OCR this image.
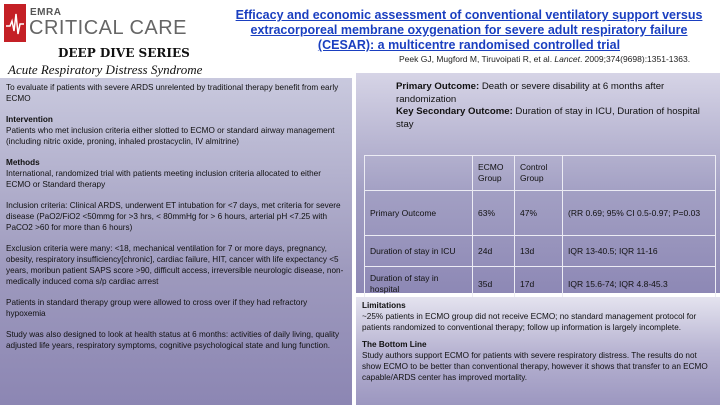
EMRA
CRITICAL CARE
DEEP DIVE SERIES
Acute Respiratory Distress Syndrome
Efficacy and economic assessment of conventional ventilatory support versus extracorporeal membrane oxygenation for severe adult respiratory failure (CESAR): a multicentre randomised controlled trial
Peek GJ, Mugford M, Tiruvoipati R, et al. Lancet. 2009;374(9698):1351-1363.

To evaluate if patients with severe ARDS unrelented by traditional therapy benefit from early ECMO

Intervention

Patients who met inclusion criteria either slotted to ECMO or standard airway management (including nitric oxide, proning, inhaled prostacyclin, IV almitrine)

Methods

International, randomized trial with patients meeting inclusion criteria allocated to either ECMO or Standard therapy

Inclusion criteria: Clinical ARDS, underwent ET intubation for <7 days, met criteria for severe disease (PaO2/FiO2 <50mmg for >3 hrs, < 80mmHg for > 6 hours, arterial pH <7.25 with PaCO2 >60 for more than 6 hours)

Exclusion criteria were many: <18, mechanical ventilation for 7 or more days, pregnancy, obesity, respiratory insufficiency[chronic], cardiac failure, HIT, cancer with life expectancy <5 years, moribun patient SAPS score >90, difficult access, irreversible neurologic disease, non-medically induced coma s/p cardiac arrest

Patients in standard therapy group were allowed to cross over if they had refractory hypoxemia

Study was also designed to look at health status at 6 months: activities of daily living, quality adjusted life years, respiratory symptoms, cognitive psychological state and lung function.

Primary Outcome: Death or severe disability at 6 months after randomization
Key Secondary Outcome: Duration of stay in ICU, Duration of hospital stay
	ECMO Group	Control Group	
Primary Outcome	63%	47%	(RR 0.69; 95% CI 0.5-0.97; P=0.03
Duration of stay in ICU	24d	13d	IQR 13-40.5; IQR 11-16
Duration of stay in hospital	35d	17d	IQR 15.6-74; IQR 4.8-45.3

Limitations

~25% patients in ECMO group did not receive ECMO; no standard management protocol for patients randomized to conventional therapy; follow up information is largely incomplete.

The Bottom Line

Study authors support ECMO for patients with severe respiratory distress. The results do not show ECMO to be better than conventional therapy, however it shows that transfer to an ECMO capable/ARDS center has improved mortality.
